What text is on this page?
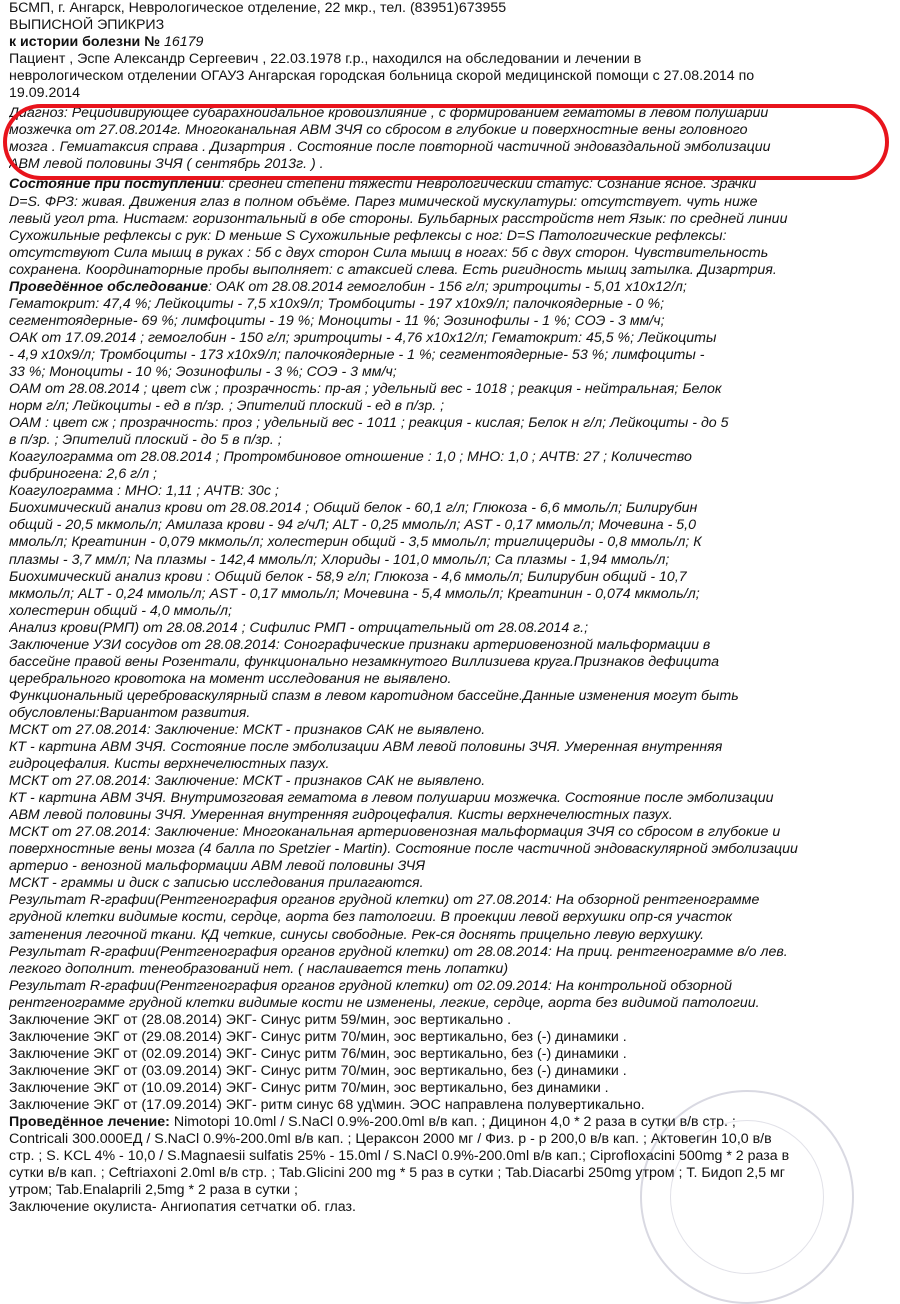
БСМП, г. Ангарск, Неврологическое отделение, 22 мкр., тел. (83951)673955
ВЫПИСНОЙ ЭПИКРИЗ
к истории болезни № 16179
Пациент , Эспе Александр Сергеевич , 22.03.1978 г.р., находился на обследовании и лечении в
неврологическом отделении ОГАУЗ Ангарская городская больница скорой медицинской помощи с 27.08.2014 по
19.09.2014
Диагноз: Рецидивирующее субарахноидальное кровоизлияние , с формированием гематомы в левом полушарии
мозжечка от 27.08.2014г. Многоканальная АВМ ЗЧЯ со сбросом в глубокие и поверхностные вены головного
мозга . Гемиатаксия справа . Дизартрия . Состояние после повторной частичной эндоваздальной эмболизации
АВМ левой половины ЗЧЯ ( сентябрь 2013г. ) .
Состояние при поступлении: средней степени тяжести Неврологический статус: Сознание ясное. Зрачки
D=S. ФРЗ: живая. Движения глаз в полном объёме. Парез мимической мускулатуры: отсутствует. чуть ниже
левый угол рта. Нистагм: горизонтальный в обе стороны. Бульбарных расстройств нет Язык: по средней линии
Сухожильные рефлексы с рук: D меньше S Сухожильные рефлексы с ног: D=S Патологические рефлексы:
отсутствуют Сила мышц в руках : 5б с двух сторон Сила мышц в ногах: 5б с двух сторон. Чувствительность
сохранена. Координаторные пробы выполняет: с атаксией слева. Есть ригидность мышц затылка. Дизартрия.
Проведённое обследование: ОАК от 28.08.2014 гемоглобин - 156 г/л; эритроциты - 5,01 х10х12/л;
Гематокрит: 47,4 %; Лейкоциты - 7,5 х10х9/л; Тромбоциты - 197 х10х9/л; палочкоядерные - 0 %;
сегментоядерные- 69 %; лимфоциты - 19 %; Моноциты - 11 %; Эозинофилы - 1 %; СОЭ - 3 мм/ч;
ОАК от 17.09.2014 ; гемоглобин - 150 г/л; эритроциты - 4,76 х10х12/л; Гематокрит: 45,5 %; Лейкоциты
- 4,9 х10х9/л; Тромбоциты - 173 х10х9/л; палочкоядерные - 1 %; сегментоядерные- 53 %; лимфоциты -
33 %; Моноциты - 10 %; Эозинофилы - 3 %; СОЭ - 3 мм/ч;
ОАМ от 28.08.2014 ; цвет с\ж ; прозрачность: пр-ая ; удельный вес - 1018 ; реакция - нейтральная; Белок
норм г/л; Лейкоциты - ед в п/зр. ; Эпителий плоский - ед в п/зр. ;
ОАМ : цвет сж ; прозрачность: проз ; удельный вес - 1011 ; реакция - кислая; Белок н г/л; Лейкоциты - до 5
в п/зр. ; Эпителий плоский - до 5 в п/зр. ;
Коагулограмма от 28.08.2014 ; Протромбиновое отношение : 1,0 ; МНО: 1,0 ; АЧТВ: 27 ; Количество
фибриногена: 2,6 г/л ;
Коагулограмма : МНО: 1,11 ; АЧТВ: 30с ;
Биохимический анализ крови от 28.08.2014 ; Общий белок - 60,1 г/л; Глюкоза - 6,6 ммоль/л; Билирубин
общий - 20,5 мкмоль/л; Амилаза крови - 94 г/чЛ; ALT - 0,25 ммоль/л; AST - 0,17 ммоль/л; Мочевина - 5,0
ммоль/л; Креатинин - 0,079 мкмоль/л; холестерин общий - 3,5 ммоль/л; триглицериды - 0,8 ммоль/л; К
плазмы - 3,7 мм/л; Na плазмы - 142,4 ммоль/л; Хлориды - 101,0 ммоль/л; Ca плазмы - 1,94 ммоль/л;
Биохимический анализ крови : Общий белок - 58,9 г/л; Глюкоза - 4,6 ммоль/л; Билирубин общий - 10,7
мкмоль/л; ALT - 0,24 ммоль/л; AST - 0,17 ммоль/л; Мочевина - 5,4 ммоль/л; Креатинин - 0,074 мкмоль/л;
холестерин общий - 4,0 ммоль/л;
Анализ крови(РМП) от 28.08.2014 ; Сифилис РМП - отрицательный от 28.08.2014 г.;
Заключение УЗИ сосудов от 28.08.2014: Сонографические признаки артериовенозной мальформации в
бассейне правой вены Розентали, функционально незамкнутого Виллизиева круга.Признаков дефицита
церебрального кровотока на момент исследования не выявлено.
Функциональный цереброваскулярный спазм в левом каротидном бассейне.Данные изменения могут быть
обусловлены:Вариантом развития.
МСКТ от 27.08.2014: Заключение: МСКТ - признаков САК не выявлено.
КТ - картина АВМ ЗЧЯ. Состояние после эмболизации АВМ левой половины ЗЧЯ. Умеренная внутренняя
гидроцефалия. Кисты верхнечелюстных пазух.
МСКТ от 27.08.2014: Заключение: МСКТ - признаков САК не выявлено.
КТ - картина АВМ ЗЧЯ. Внутримозговая гематома в левом полушарии мозжечка. Состояние после эмболизации
АВМ левой половины ЗЧЯ. Умеренная внутренняя гидроцефалия. Кисты верхнечелюстных пазух.
МСКТ от 27.08.2014: Заключение: Многоканальная артериовенозная мальформация ЗЧЯ со сбросом в глубокие и
поверхностные вены мозга (4 балла по Spetzier - Martin). Состояние после частичной эндоваскулярной эмболизации
артерио - венозной мальформации АВМ левой половины ЗЧЯ
МСКТ - граммы и диск с записью исследования прилагаются.
Результат R-графии(Рентгенография органов грудной клетки) от 27.08.2014: На обзорной рентгенограмме
грудной клетки видимые кости, сердце, аорта без патологии. В проекции левой верхушки опр-ся участок
затенения легочной ткани. КД четкие, синусы свободные. Рек-ся доснять прицельно левую верхушку.
Результат R-графии(Рентгенография органов грудной клетки) от 28.08.2014: На приц. рентгенограмме в/о лев.
легкого дополнит. тенеобразований нет. ( наслаивается тень лопатки)
Результат R-графии(Рентгенография органов грудной клетки) от 02.09.2014: На контрольной обзорной
рентгенограмме грудной клетки видимые кости не изменены, легкие, сердце, аорта без видимой патологии.
Заключение ЭКГ от (28.08.2014) ЭКГ- Синус ритм 59/мин, эос вертикально .
Заключение ЭКГ от (29.08.2014) ЭКГ- Синус ритм 70/мин, эос вертикально, без (-) динамики .
Заключение ЭКГ от (02.09.2014) ЭКГ- Синус ритм 76/мин, эос вертикально, без (-) динамики .
Заключение ЭКГ от (03.09.2014) ЭКГ- Синус ритм 70/мин, эос вертикально, без (-) динамики .
Заключение ЭКГ от (10.09.2014) ЭКГ- Синус ритм 70/мин, эос вертикально, без динамики .
Заключение ЭКГ от (17.09.2014) ЭКГ- ритм синус 68 уд\мин. ЭОС направлена полувертикально.
Проведённое лечение: Nimotopi 10.0ml / S.NaCl 0.9%-200.0ml в/в кап. ; Дицинон 4,0 * 2 раза в сутки в/в стр. ;
Contricali 300.000ЕД / S.NaCl 0.9%-200.0ml в/в кап. ; Цераксон 2000 мг / Физ. р - р 200,0 в/в кап. ; Актовегин 10,0 в/в
стр. ; S. KCL 4% - 10,0 / S.Magnaesii sulfatis 25% - 15.0ml / S.NaCl 0.9%-200.0ml в/в кап.; Ciprofloxacini 500mg * 2 раза в
сутки в/в кап. ; Ceftriaxoni 2.0ml в/в стр. ; Tab.Glicini 200 mg * 5 раз в сутки ; Tab.Diacarbi 250mg утром ; Т. Бидоп 2,5 мг
утром; Tab.Enalaprili 2,5mg * 2 раза в сутки ;
Заключение окулиста- Ангиопатия сетчатки об. глаз.
